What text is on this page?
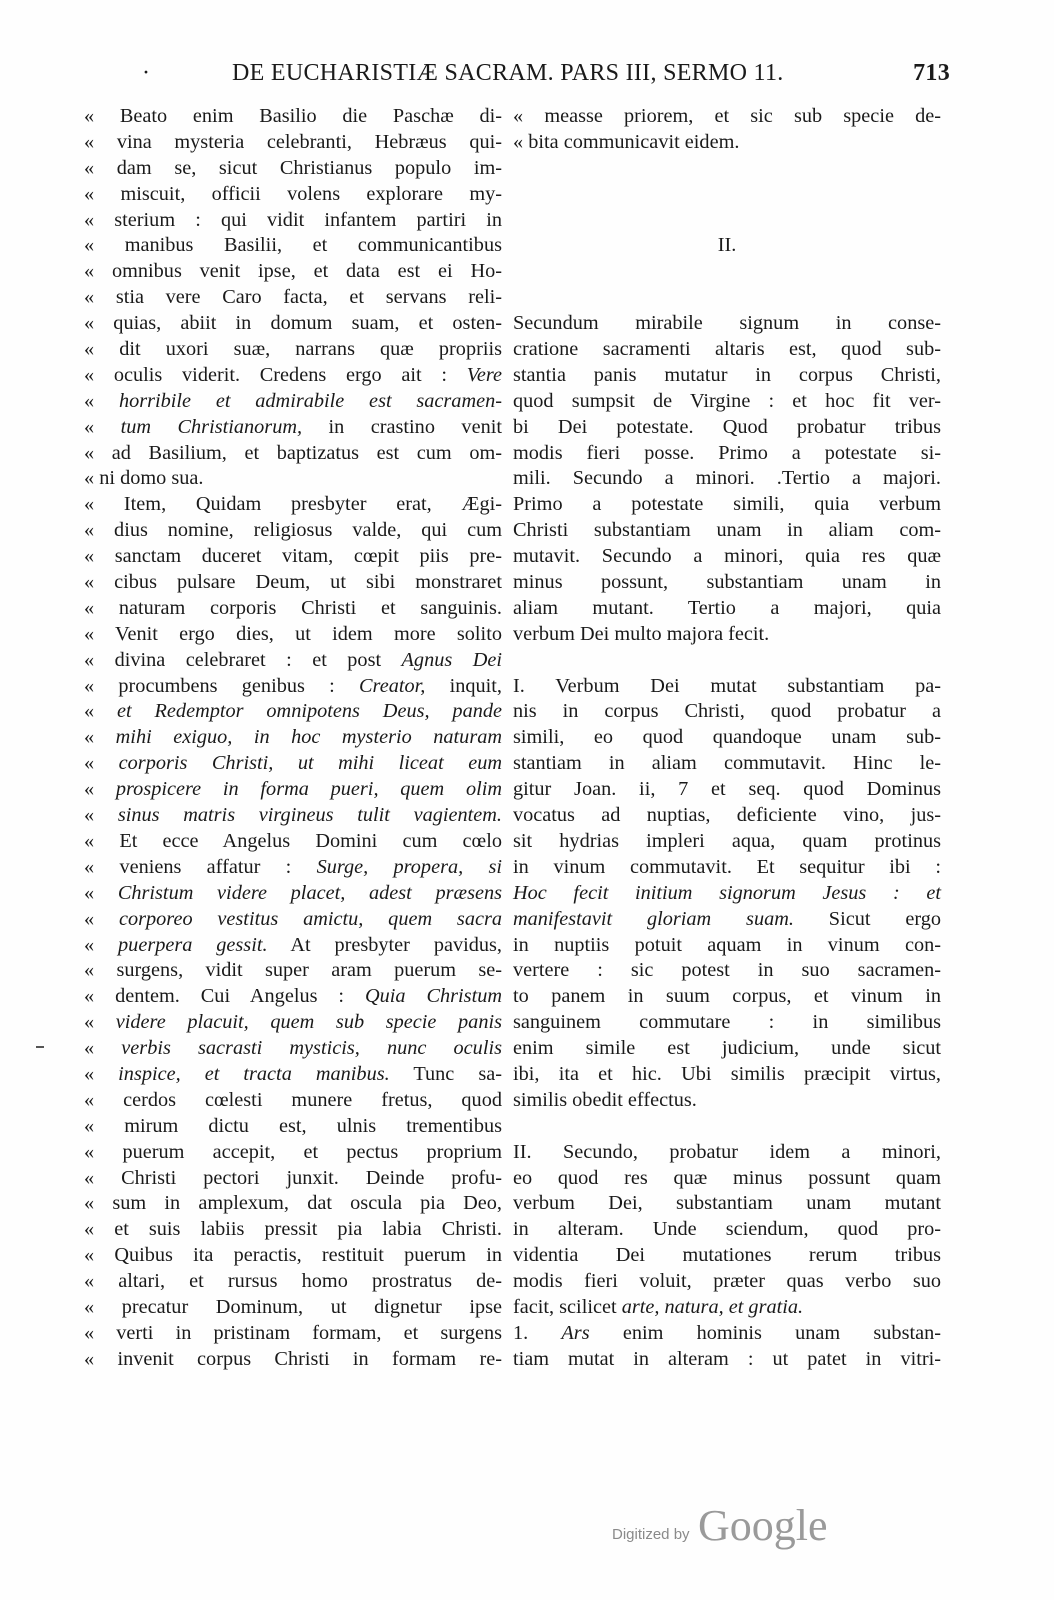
·	DE EUCHARISTIÆ SACRAM. PARS III, SERMO 11.	713
« Beato enim Basilio die Paschæ di-
« vina mysteria celebranti, Hebræus qui-
« dam se, sicut Christianus populo im-
« miscuit, officii volens explorare my-
« sterium : qui vidit infantem partiri in
« manibus Basilii, et communicantibus
« omnibus venit ipse, et data est ei Ho-
« stia vere Caro facta, et servans reli-
« quias, abiit in domum suam, et osten-
« dit uxori suæ, narrans quæ propriis
« oculis viderit. Credens ergo ait : Vere
« horribile et admirabile est sacramen-
« tum Christianorum, in crastino venit
« ad Basilium, et baptizatus est cum om-
« ni domo sua.
« Item, Quidam presbyter erat, Ægi-
« dius nomine, religiosus valde, qui cum
« sanctam duceret vitam, cœpit piis pre-
« cibus pulsare Deum, ut sibi monstraret
« naturam corporis Christi et sanguinis.
« Venit ergo dies, ut idem more solito
« divina celebraret : et post Agnus Dei
« procumbens genibus : Creator, inquit,
« et Redemptor omnipotens Deus, pande
« mihi exiguo, in hoc mysterio naturam
« corporis Christi, ut mihi liceat eum
« prospicere in forma pueri, quem olim
« sinus matris virgineus tulit vagientem.
« Et ecce Angelus Domini cum cœlo
« veniens affatur : Surge, propera, si
« Christum videre placet, adest præsens
« corporeo vestitus amictu, quem sacra
« puerpera gessit. At presbyter pavidus,
« surgens, vidit super aram puerum se-
« dentem. Cui Angelus : Quia Christum
« videre placuit, quem sub specie panis
« verbis sacrasti mysticis, nunc oculis
« inspice, et tracta manibus. Tunc sa-
« cerdos cœlesti munere fretus, quod
« mirum dictu est, ulnis trementibus
« puerum accepit, et pectus proprium
« Christi pectori junxit. Deinde profu-
« sum in amplexum, dat oscula pia Deo,
« et suis labiis pressit pia labia Christi.
« Quibus ita peractis, restituit puerum in
« altari, et rursus homo prostratus de-
« precatur Dominum, ut dignetur ipse
« verti in pristinam formam, et surgens
« invenit corpus Christi in formam re-
« measse priorem, et sic sub specie de-
« bita communicavit eidem.
II.
Secundum mirabile signum in conse-
cratione sacramenti altaris est, quod sub-
stantia panis mutatur in corpus Christi,
quod sumpsit de Virgine : et hoc fit ver-
bi Dei potestate. Quod probatur tribus
modis fieri posse. Primo a potestate si-
mili. Secundo a minori. .Tertio a majori.
Primo a potestate simili, quia verbum
Christi substantiam unam in aliam com-
mutavit. Secundo a minori, quia res quæ
minus possunt, substantiam unam in
aliam mutant. Tertio a majori, quia
verbum Dei multo majora fecit.
I. Verbum Dei mutat substantiam pa-
nis in corpus Christi, quod probatur a
simili, eo quod quandoque unam sub-
stantiam in aliam commutavit. Hinc le-
gitur Joan. ii, 7 et seq. quod Dominus
vocatus ad nuptias, deficiente vino, jus-
sit hydrias impleri aqua, quam protinus
in vinum commutavit. Et sequitur ibi :
Hoc fecit initium signorum Jesus : et
manifestavit gloriam suam. Sicut ergo
in nuptiis potuit aquam in vinum con-
vertere : sic potest in suo sacramen-
to panem in suum corpus, et vinum in
sanguinem commutare : in similibus
enim simile est judicium, unde sicut
ibi, ita et hic. Ubi similis præcipit virtus,
similis obedit effectus.
II. Secundo, probatur idem a minori,
eo quod res quæ minus possunt quam
verbum Dei, substantiam unam mutant
in alteram. Unde sciendum, quod pro-
videntia Dei mutationes rerum tribus
modis fieri voluit, præter quas verbo suo
facit, scilicet arte, natura, et gratia.
1. Ars enim hominis unam substan-
tiam mutat in alteram : ut patet in vitri-
Digitized by Google
